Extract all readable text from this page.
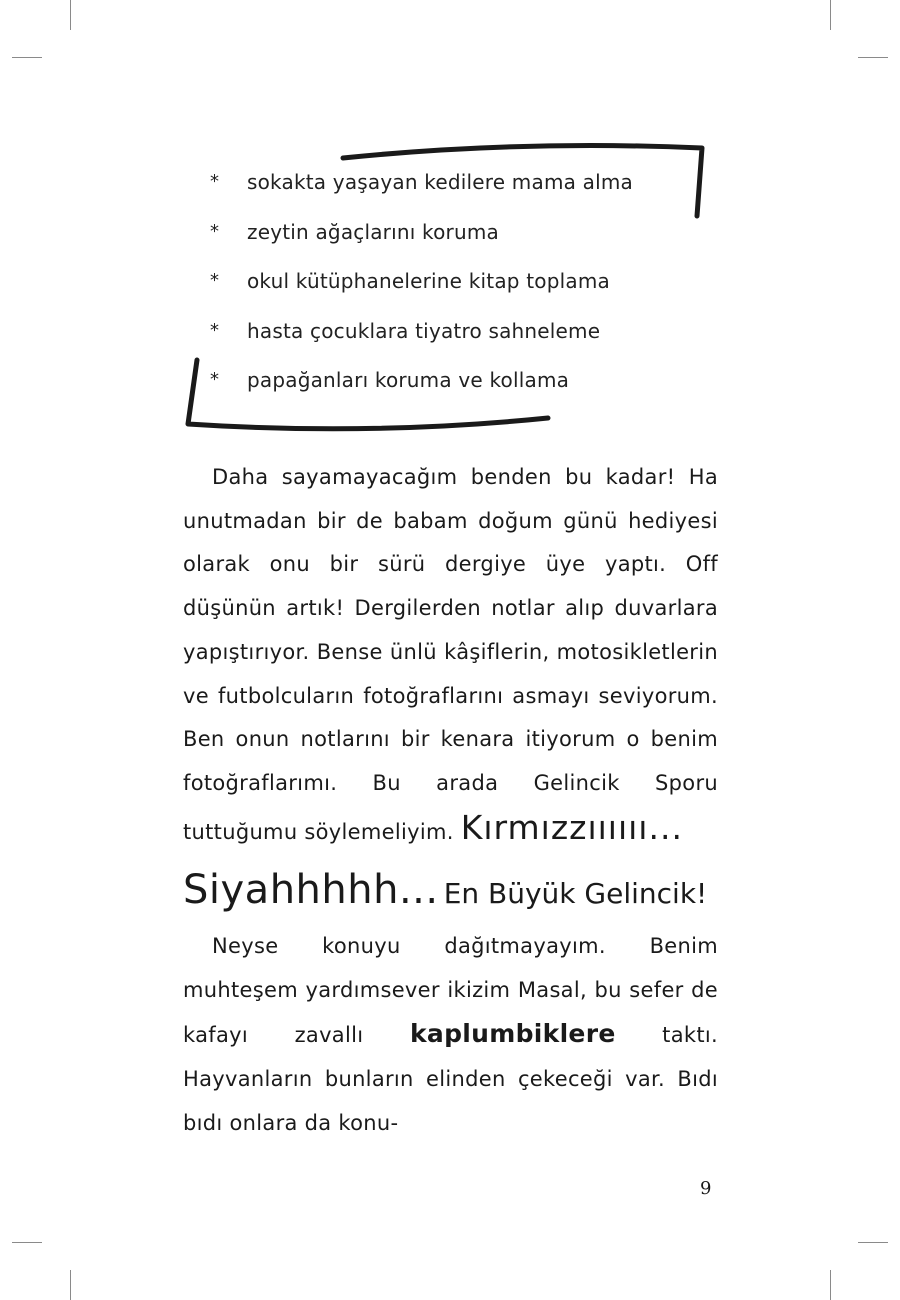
*	sokakta yaşayan kedilere mama alma
*	zeytin ağaçlarını koruma
*	okul kütüphanelerine kitap toplama
*	hasta çocuklara tiyatro sahneleme
*	papağanları koruma ve kollama

Daha sayamayacağım benden bu kadar! Ha unutmadan bir de babam doğum günü hediyesi olarak onu bir sürü dergiye üye yaptı. Off düşünün artık! Dergilerden notlar alıp duvarlara yapıştırıyor. Bense ünlü kâşiflerin, motosikletlerin ve futbolcuların fotoğraflarını asmayı seviyorum. Ben onun notlarını bir kenara itiyorum o benim fotoğraflarımı. Bu arada Gelincik Sporu tuttuğumu söylemeliyim. Kırmızzıııııı...

Siyahhhhh... En Büyük Gelincik!

Neyse konuyu dağıtmayayım. Benim muhteşem yardımsever ikizim Masal, bu sefer de kafayı zavallı kaplumbiklere taktı. Hayvanların bunların elinden çekeceği var. Bıdı bıdı onlara da konu-

9
